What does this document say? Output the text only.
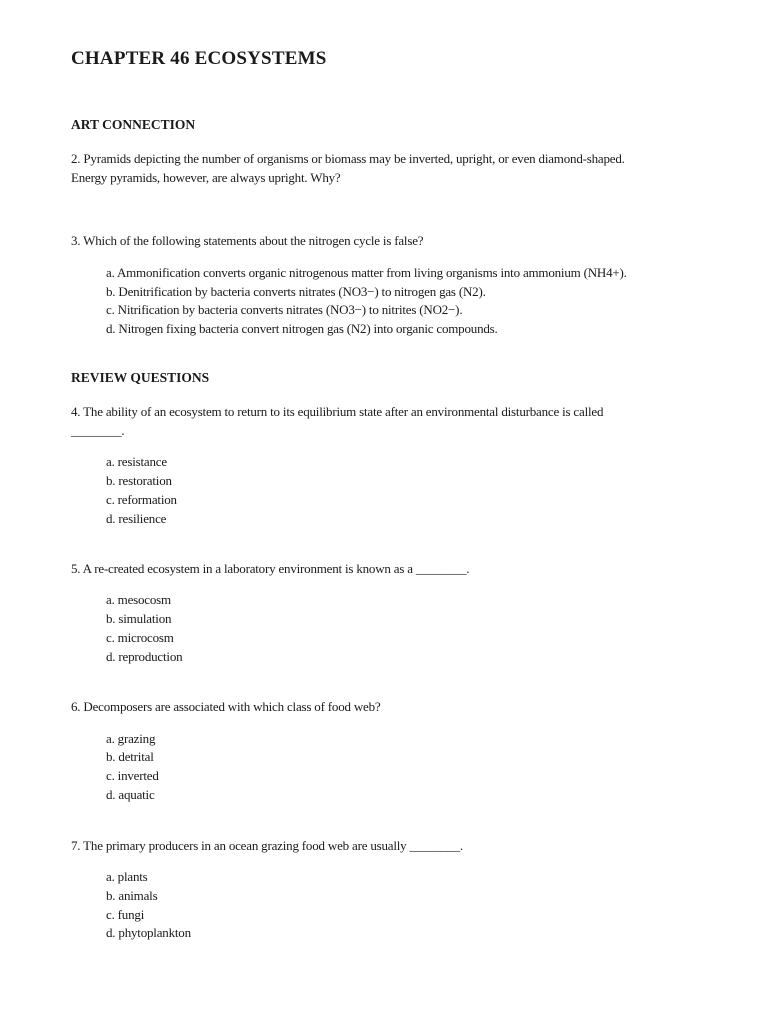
CHAPTER 46 ECOSYSTEMS
ART CONNECTION
2. Pyramids depicting the number of organisms or biomass may be inverted, upright, or even diamond-shaped.
Energy pyramids, however, are always upright. Why?
3. Which of the following statements about the nitrogen cycle is false?
a. Ammonification converts organic nitrogenous matter from living organisms into ammonium (NH4+).
b. Denitrification by bacteria converts nitrates (NO3−) to nitrogen gas (N2).
c. Nitrification by bacteria converts nitrates (NO3−) to nitrites (NO2−).
d. Nitrogen fixing bacteria convert nitrogen gas (N2) into organic compounds.
REVIEW QUESTIONS
4. The ability of an ecosystem to return to its equilibrium state after an environmental disturbance is called
________.
a. resistance
b. restoration
c. reformation
d. resilience
5. A re-created ecosystem in a laboratory environment is known as a ________.
a. mesocosm
b. simulation
c. microcosm
d. reproduction
6. Decomposers are associated with which class of food web?
a. grazing
b. detrital
c. inverted
d. aquatic
7. The primary producers in an ocean grazing food web are usually ________.
a. plants
b. animals
c. fungi
d. phytoplankton
